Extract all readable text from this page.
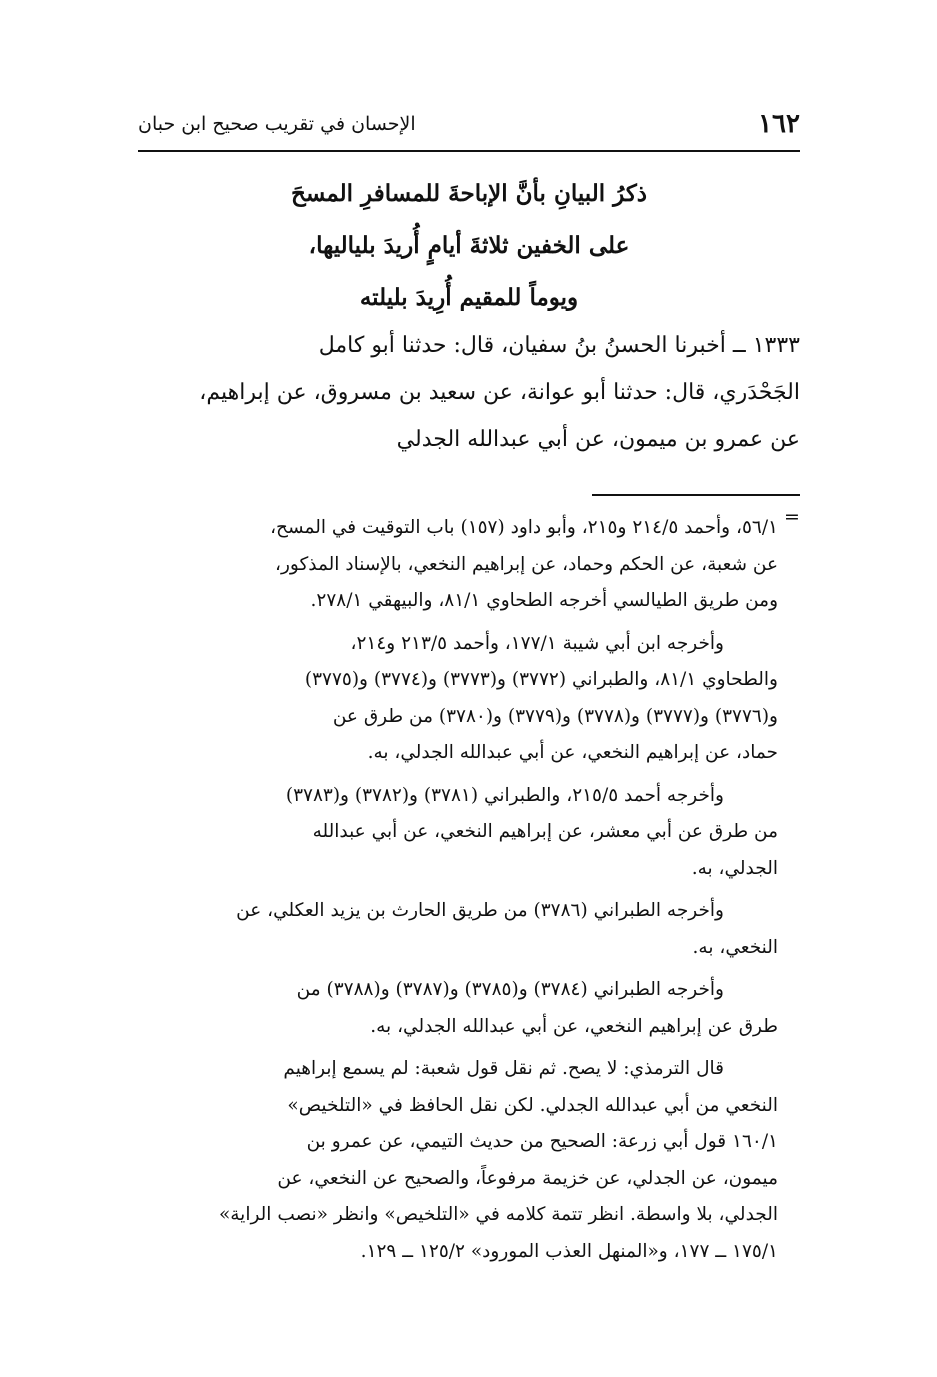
١٦٢
الإحسان في تقريب صحيح ابن حبان
ذكرُ البيانِ بأنَّ الإباحةَ للمسافرِ المسحَ
على الخفين ثلاثةَ أيامٍ أُريدَ بلياليها،
ويوماً للمقيم أُرِيدَ بليلته
١٣٣٣ ــ أخبرنا الحسنُ بنُ سفيان، قال: حدثنا أبو كامل
الجَحْدَري، قال: حدثنا أبو عوانة، عن سعيد بن مسروق، عن إبراهيم،
عن عمرو بن ميمون، عن أبي عبدالله الجدلي
=
٥٦/١، وأحمد ٢١٤/٥ و٢١٥، وأبو داود (١٥٧) باب التوقيت في المسح،
عن شعبة، عن الحكم وحماد، عن إبراهيم النخعي، بالإسناد المذكور،
ومن طريق الطيالسي أخرجه الطحاوي ٨١/١، والبيهقي ٢٧٨/١.
وأخرجه ابن أبي شيبة ١٧٧/١، وأحمد ٢١٣/٥ و٢١٤،
والطحاوي ٨١/١، والطبراني (٣٧٧٢) و(٣٧٧٣) و(٣٧٧٤) و(٣٧٧٥)
و(٣٧٧٦) و(٣٧٧٧) و(٣٧٧٨) و(٣٧٧٩) و(٣٧٨٠) من طرق عن
حماد، عن إبراهيم النخعي، عن أبي عبدالله الجدلي، به.
وأخرجه أحمد ٢١٥/٥، والطبراني (٣٧٨١) و(٣٧٨٢) و(٣٧٨٣)
من طرق عن أبي معشر، عن إبراهيم النخعي، عن أبي عبدالله
الجدلي، به.
وأخرجه الطبراني (٣٧٨٦) من طريق الحارث بن يزيد العكلي، عن
النخعي، به.
وأخرجه الطبراني (٣٧٨٤) و(٣٧٨٥) و(٣٧٨٧) و(٣٧٨٨) من
طرق عن إبراهيم النخعي، عن أبي عبدالله الجدلي، به.
قال الترمذي: لا يصح. ثم نقل قول شعبة: لم يسمع إبراهيم
النخعي من أبي عبدالله الجدلي. لكن نقل الحافظ في «التلخيص»
١٦٠/١ قول أبي زرعة: الصحيح من حديث التيمي، عن عمرو بن
ميمون، عن الجدلي، عن خزيمة مرفوعاً، والصحيح عن النخعي، عن
الجدلي، بلا واسطة. انظر تتمة كلامه في «التلخيص» وانظر «نصب الراية»
١٧٥/١ ــ ١٧٧، و«المنهل العذب المورود» ١٢٥/٢ ــ ١٢٩.
